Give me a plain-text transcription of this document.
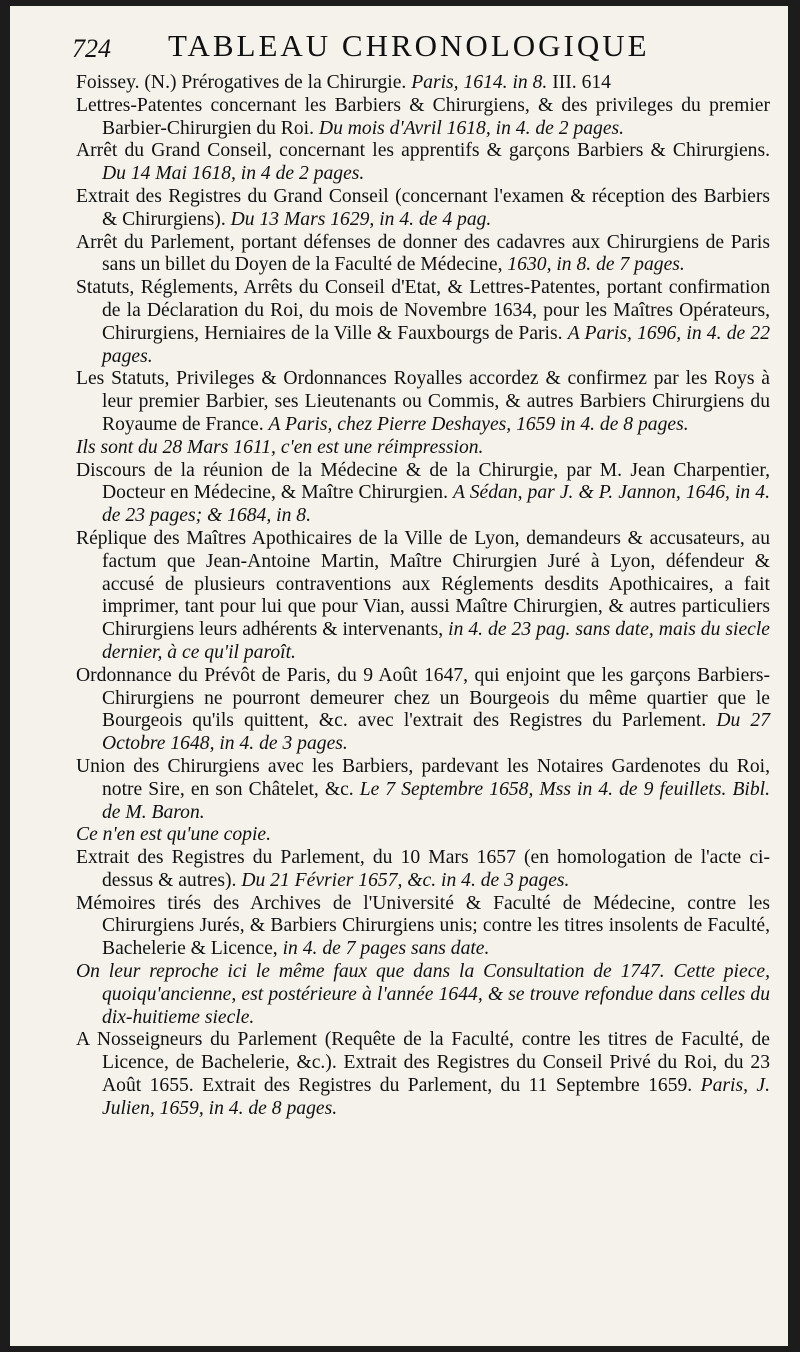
724 TABLEAU CHRONOLOGIQUE

Foissey. (N.) Prérogatives de la Chirurgie. Paris, 1614. in 8. III. 614

Lettres-Patentes concernant les Barbiers & Chirurgiens, & des privileges du premier Barbier-Chirurgien du Roi. Du mois d'Avril 1618, in 4. de 2 pages.

Arrêt du Grand Conseil, concernant les apprentifs & garçons Barbiers & Chirurgiens. Du 14 Mai 1618, in 4 de 2 pages.

Extrait des Registres du Grand Conseil (concernant l'examen & réception des Barbiers & Chirurgiens). Du 13 Mars 1629, in 4. de 4 pag.

Arrêt du Parlement, portant défenses de donner des cadavres aux Chirurgiens de Paris sans un billet du Doyen de la Faculté de Médecine, 1630, in 8. de 7 pages.

Statuts, Réglements, Arrêts du Conseil d'Etat, & Lettres-Patentes, portant confirmation de la Déclaration du Roi, du mois de Novembre 1634, pour les Maîtres Opérateurs, Chirurgiens, Herniaires de la Ville & Fauxbourgs de Paris. A Paris, 1696, in 4. de 22 pages.

Les Statuts, Privileges & Ordonnances Royalles accordez & confirmez par les Roys à leur premier Barbier, ses Lieutenants ou Commis, & autres Barbiers Chirurgiens du Royaume de France. A Paris, chez Pierre Deshayes, 1659 in 4. de 8 pages.

Ils sont du 28 Mars 1611, c'en est une réimpression.

Discours de la réunion de la Médecine & de la Chirurgie, par M. Jean Charpentier, Docteur en Médecine, & Maître Chirurgien. A Sédan, par J. & P. Jannon, 1646, in 4. de 23 pages; & 1684, in 8.

Réplique des Maîtres Apothicaires de la Ville de Lyon, demandeurs & accusateurs, au factum que Jean-Antoine Martin, Maître Chirurgien Juré à Lyon, défendeur & accusé de plusieurs contraventions aux Réglements desdits Apothicaires, a fait imprimer, tant pour lui que pour Vian, aussi Maître Chirurgien, & autres particuliers Chirurgiens leurs adhérents & intervenants, in 4. de 23 pag. sans date, mais du siecle dernier, à ce qu'il paroît.

Ordonnance du Prévôt de Paris, du 9 Août 1647, qui enjoint que les garçons Barbiers-Chirurgiens ne pourront demeurer chez un Bourgeois du même quartier que le Bourgeois qu'ils quittent, &c. avec l'extrait des Registres du Parlement. Du 27 Octobre 1648, in 4. de 3 pages.

Union des Chirurgiens avec les Barbiers, pardevant les Notaires Gardenotes du Roi, notre Sire, en son Châtelet, &c. Le 7 Septembre 1658, Mss in 4. de 9 feuillets. Bibl. de M. Baron.

Ce n'en est qu'une copie.

Extrait des Registres du Parlement, du 10 Mars 1657 (en homologation de l'acte ci-dessus & autres). Du 21 Février 1657, &c. in 4. de 3 pages.

Mémoires tirés des Archives de l'Université & Faculté de Médecine, contre les Chirurgiens Jurés, & Barbiers Chirurgiens unis; contre les titres insolents de Faculté, Bachelerie & Licence, in 4. de 7 pages sans date.

On leur reproche ici le même faux que dans la Consultation de 1747. Cette piece, quoiqu'ancienne, est postérieure à l'année 1644, & se trouve refondue dans celles du dix-huitieme siecle.

A Nosseigneurs du Parlement (Requête de la Faculté, contre les titres de Faculté, de Licence, de Bachelerie, &c.). Extrait des Registres du Conseil Privé du Roi, du 23 Août 1655. Extrait des Registres du Parlement, du 11 Septembre 1659. Paris, J. Julien, 1659, in 4. de 8 pages.
